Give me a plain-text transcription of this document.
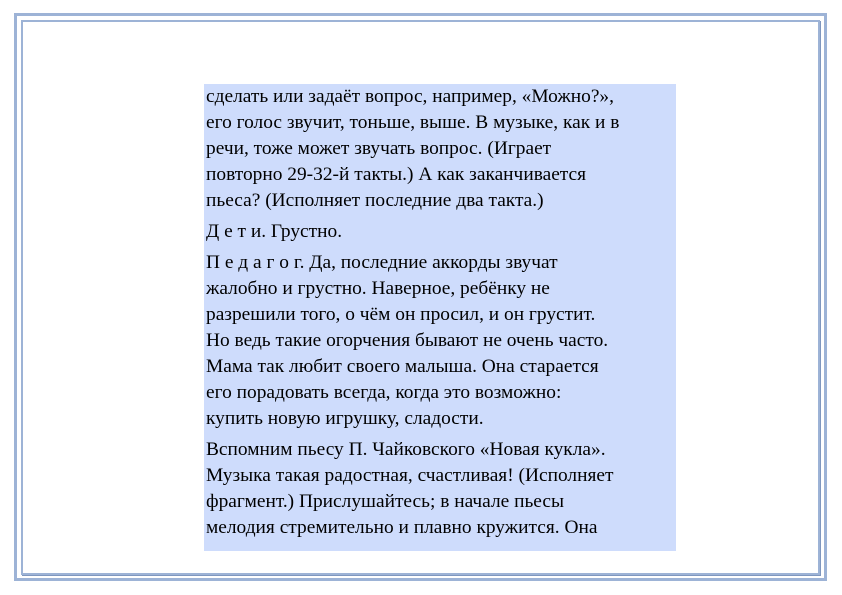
сделать или задаёт вопрос, например, «Можно?»,
его голос звучит, тоньше, выше. В музыке, как и в
речи, тоже может звучать вопрос. (Играет
повторно 29-32-й такты.) А как заканчивается
пьеса? (Исполняет последние два такта.)

Д е т и. Грустно.

П е д а г о г. Да, последние аккорды звучат
жалобно и грустно. Наверное, ребёнку не
разрешили того, о чём он просил, и он грустит.
Но ведь такие огорчения бывают не очень часто.
Мама так любит своего малыша. Она старается
его порадовать всегда, когда это возможно:
купить новую игрушку, сладости.

Вспомним пьесу П. Чайковского «Новая кукла».
Музыка такая радостная, счастливая! (Исполняет
фрагмент.) Прислушайтесь; в начале пьесы
мелодия стремительно и плавно кружится. Она
